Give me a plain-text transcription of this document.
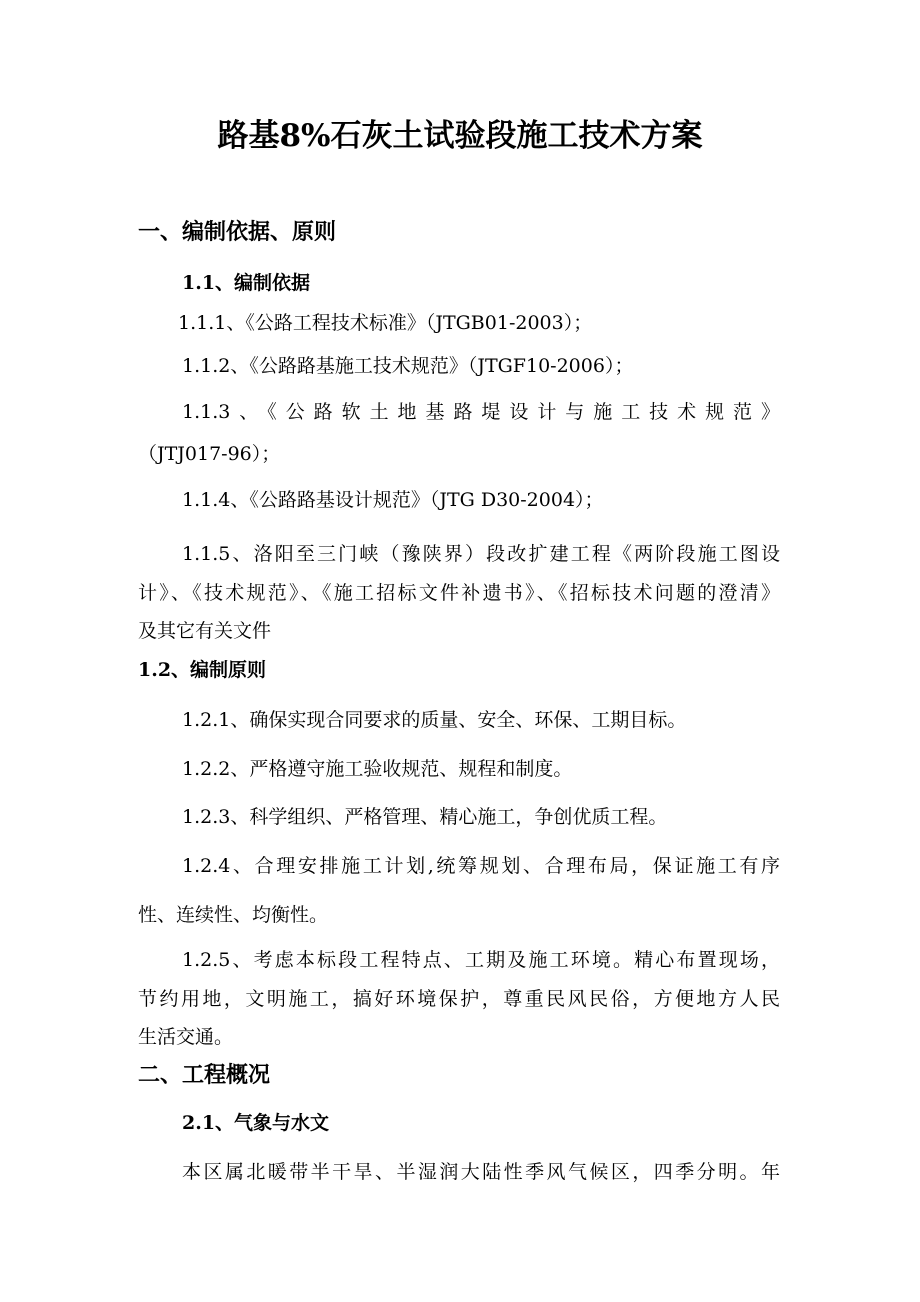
路基8%石灰土试验段施工技术方案
一、编制依据、原则
1.1、编制依据
1.1.1、《公路工程技术标准》（JTGB01-2003）；
1.1.2、《公路路基施工技术规范》（JTGF10-2006）；
1.1.3、《公路软土地基路堤设计与施工技术规范》
（JTJ017-96）；
1.1.4、《公路路基设计规范》（JTG D30-2004）；
1.1.5、洛阳至三门峡（豫陕界）段改扩建工程《两阶段施工图设
计》、《技术规范》、《施工招标文件补遗书》、《招标技术问题的澄清》
及其它有关文件
1.2、编制原则
1.2.1、确保实现合同要求的质量、安全、环保、工期目标。
1.2.2、严格遵守施工验收规范、规程和制度。
1.2.3、科学组织、严格管理、精心施工，争创优质工程。
1.2.4、合理安排施工计划,统筹规划、合理布局，保证施工有序
性、连续性、均衡性。
1.2.5、考虑本标段工程特点、工期及施工环境。精心布置现场，
节约用地，文明施工，搞好环境保护，尊重民风民俗，方便地方人民
生活交通。
二、工程概况
2.1、气象与水文
本区属北暖带半干旱、半湿润大陆性季风气候区，四季分明。年
